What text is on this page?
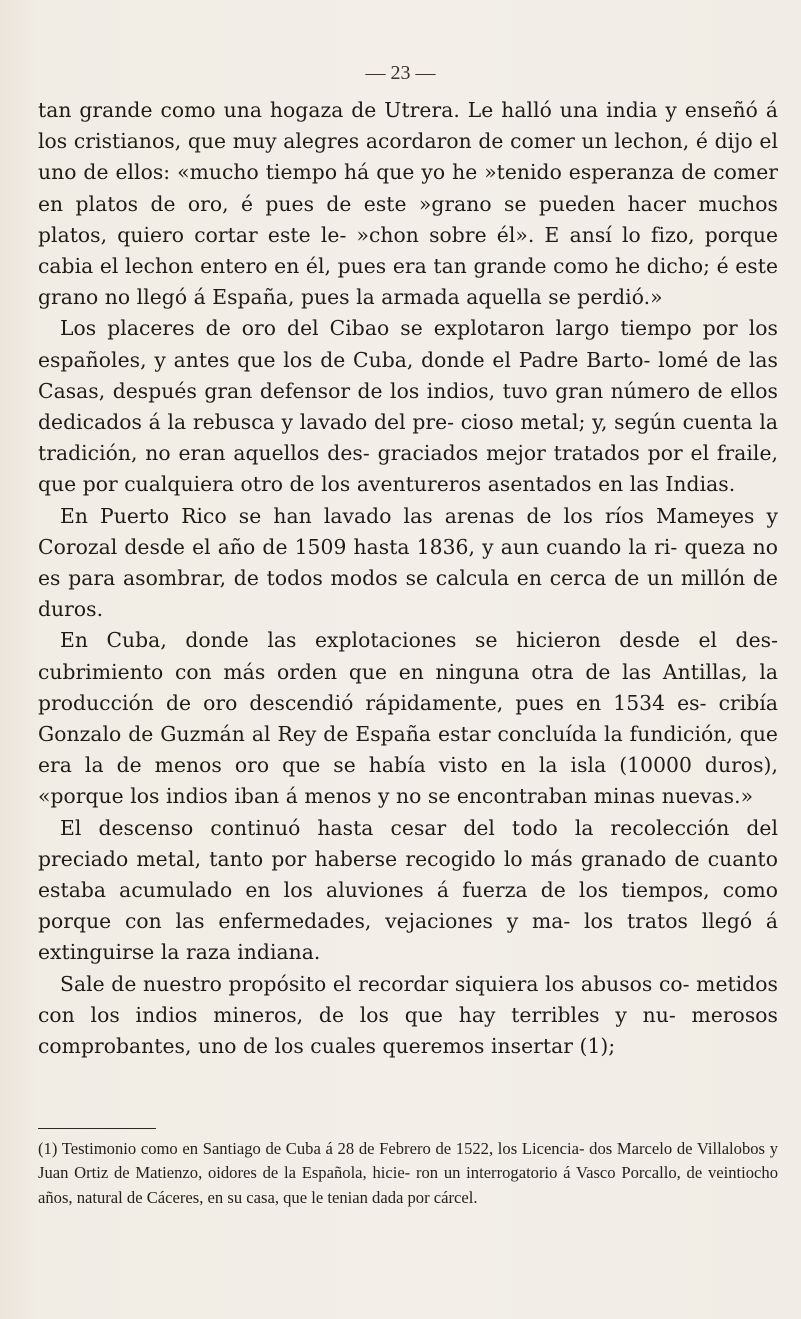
— 23 —

tan grande como una hogaza de Utrera. Le halló una india y enseñó á los cristianos, que muy alegres acordaron de comer un lechon, é dijo el uno de ellos: «mucho tiempo há que yo he »tenido esperanza de comer en platos de oro, é pues de este »grano se pueden hacer muchos platos, quiero cortar este le- »chon sobre él». E ansí lo fizo, porque cabia el lechon entero en él, pues era tan grande como he dicho; é este grano no llegó á España, pues la armada aquella se perdió.»

Los placeres de oro del Cibao se explotaron largo tiempo por los españoles, y antes que los de Cuba, donde el Padre Barto- lomé de las Casas, después gran defensor de los indios, tuvo gran número de ellos dedicados á la rebusca y lavado del pre- cioso metal; y, según cuenta la tradición, no eran aquellos des- graciados mejor tratados por el fraile, que por cualquiera otro de los aventureros asentados en las Indias.

En Puerto Rico se han lavado las arenas de los ríos Mameyes y Corozal desde el año de 1509 hasta 1836, y aun cuando la ri- queza no es para asombrar, de todos modos se calcula en cerca de un millón de duros.

En Cuba, donde las explotaciones se hicieron desde el des- cubrimiento con más orden que en ninguna otra de las Antillas, la producción de oro descendió rápidamente, pues en 1534 es- cribía Gonzalo de Guzmán al Rey de España estar concluída la fundición, que era la de menos oro que se había visto en la isla (10000 duros), «porque los indios iban á menos y no se encontraban minas nuevas.»

El descenso continuó hasta cesar del todo la recolección del preciado metal, tanto por haberse recogido lo más granado de cuanto estaba acumulado en los aluviones á fuerza de los tiempos, como porque con las enfermedades, vejaciones y ma- los tratos llegó á extinguirse la raza indiana.

Sale de nuestro propósito el recordar siquiera los abusos co- metidos con los indios mineros, de los que hay terribles y nu- merosos comprobantes, uno de los cuales queremos insertar (1);

(1) Testimonio como en Santiago de Cuba á 28 de Febrero de 1522, los Licencia- dos Marcelo de Villalobos y Juan Ortiz de Matienzo, oidores de la Española, hicie- ron un interrogatorio á Vasco Porcallo, de veintiocho años, natural de Cáceres, en su casa, que le tenian dada por cárcel.
